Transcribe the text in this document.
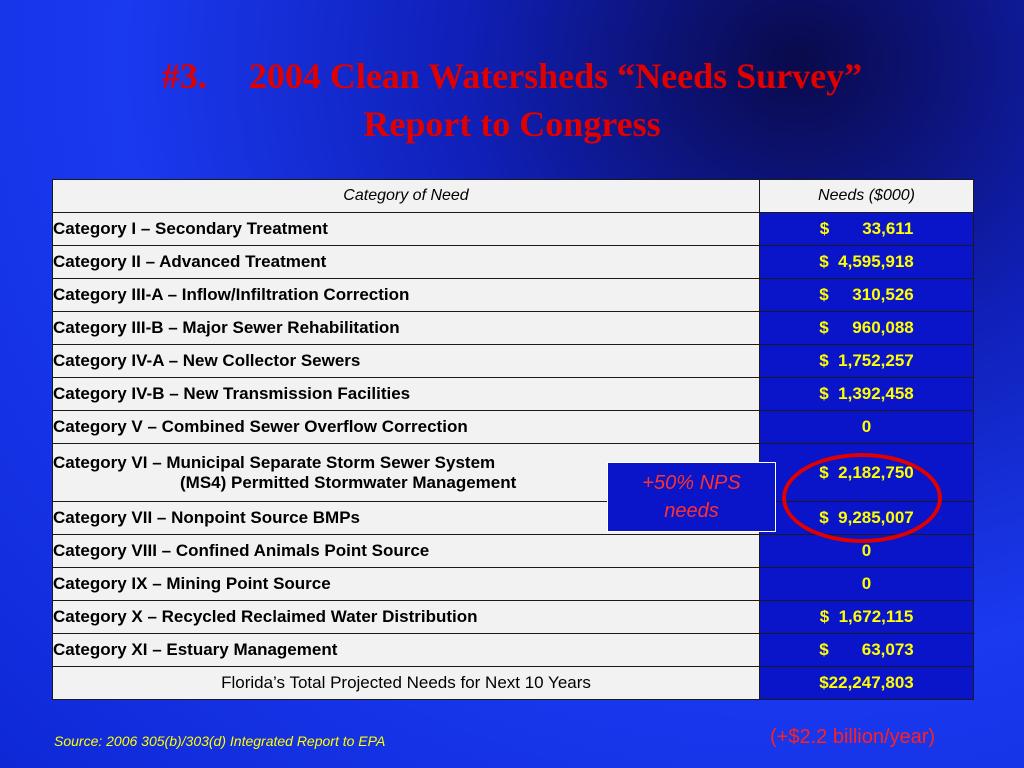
#3. 2004 Clean Watersheds “Needs Survey”
Report to Congress
Category of Need	Needs ($000)
Category I – Secondary Treatment	$       33,611
Category II – Advanced Treatment	$  4,595,918
Category III-A – Inflow/Infiltration Correction	$     310,526
Category III-B – Major Sewer Rehabilitation	$     960,088
Category IV-A – New Collector Sewers	$  1,752,257
Category IV-B – New Transmission Facilities	$  1,392,458
Category V – Combined Sewer Overflow Correction	0
Category VI – Municipal Separate Storm Sewer System
(MS4) Permitted Stormwater Management	$  2,182,750
Category VII – Nonpoint Source BMPs	$  9,285,007
Category VIII – Confined Animals Point Source	0
Category IX – Mining Point Source	0
Category X – Recycled Reclaimed Water Distribution	$  1,672,115
Category XI – Estuary Management	$       63,073
Florida’s Total Projected Needs for Next 10 Years	$22,247,803
+50% NPS
needs
Source: 2006 305(b)/303(d) Integrated Report to EPA	(+$2.2 billion/year)
